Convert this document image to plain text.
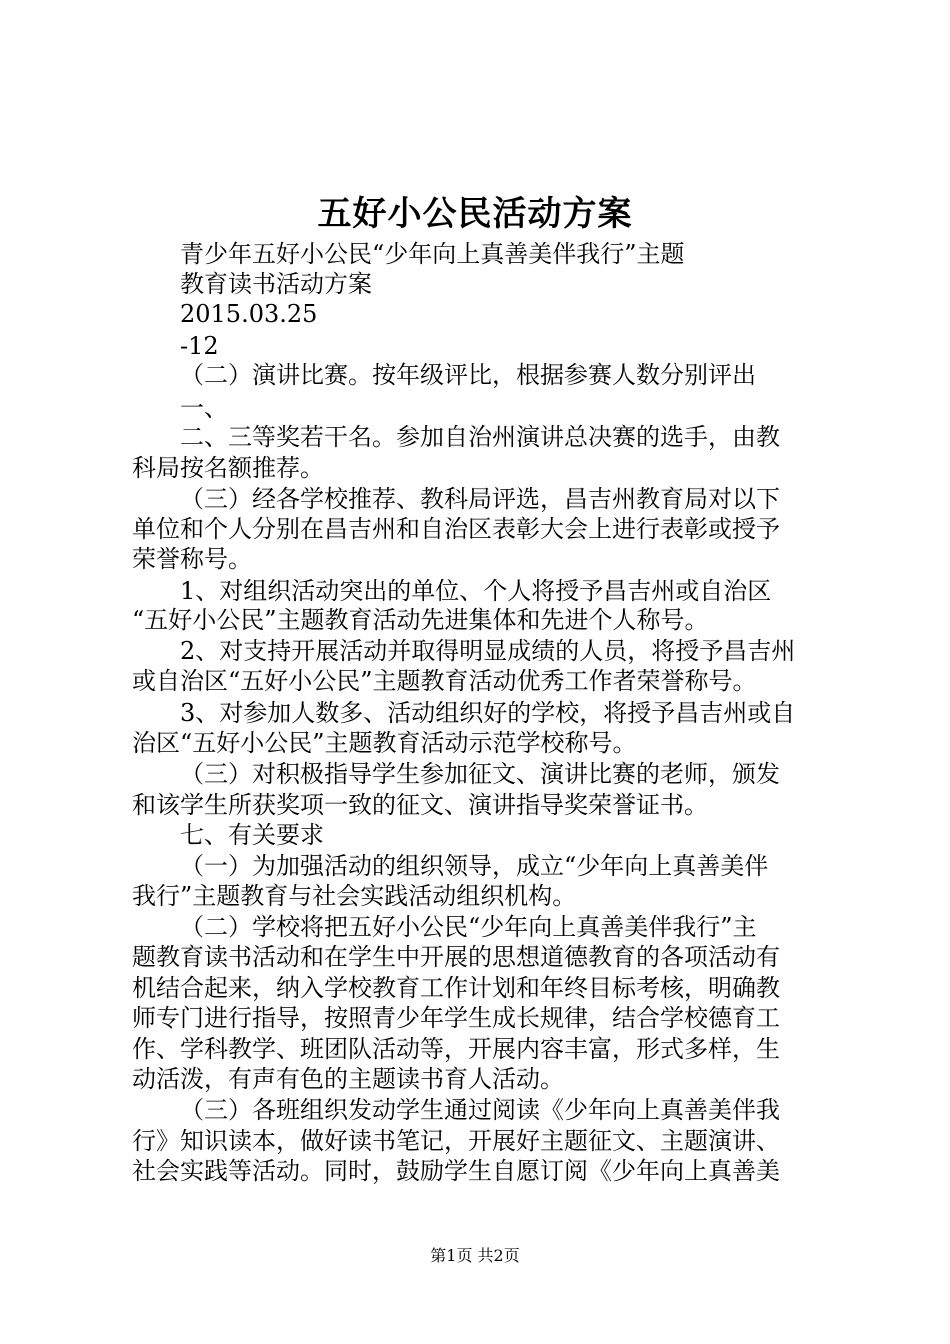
五好小公民活动方案
青少年五好小公民“少年向上真善美伴我行”主题
教育读书活动方案
2015.03.25
-12
（二）演讲比赛。按年级评比，根据参赛人数分别评出
一、
二、三等奖若干名。参加自治州演讲总决赛的选手，由教
科局按名额推荐。
（三）经各学校推荐、教科局评选，昌吉州教育局对以下
单位和个人分别在昌吉州和自治区表彰大会上进行表彰或授予
荣誉称号。
1、对组织活动突出的单位、个人将授予昌吉州或自治区
“五好小公民”主题教育活动先进集体和先进个人称号。
2、对支持开展活动并取得明显成绩的人员，将授予昌吉州
或自治区“五好小公民”主题教育活动优秀工作者荣誉称号。
3、对参加人数多、活动组织好的学校，将授予昌吉州或自
治区“五好小公民”主题教育活动示范学校称号。
（三）对积极指导学生参加征文、演讲比赛的老师，颁发
和该学生所获奖项一致的征文、演讲指导奖荣誉证书。
七、有关要求
（一）为加强活动的组织领导，成立“少年向上真善美伴
我行”主题教育与社会实践活动组织机构。
（二）学校将把五好小公民“少年向上真善美伴我行”主
题教育读书活动和在学生中开展的思想道德教育的各项活动有
机结合起来，纳入学校教育工作计划和年终目标考核，明确教
师专门进行指导，按照青少年学生成长规律，结合学校德育工
作、学科教学、班团队活动等，开展内容丰富，形式多样，生
动活泼，有声有色的主题读书育人活动。
（三）各班组织发动学生通过阅读《少年向上真善美伴我
行》知识读本，做好读书笔记，开展好主题征文、主题演讲、
社会实践等活动。同时，鼓励学生自愿订阅《少年向上真善美
第1页 共2页
